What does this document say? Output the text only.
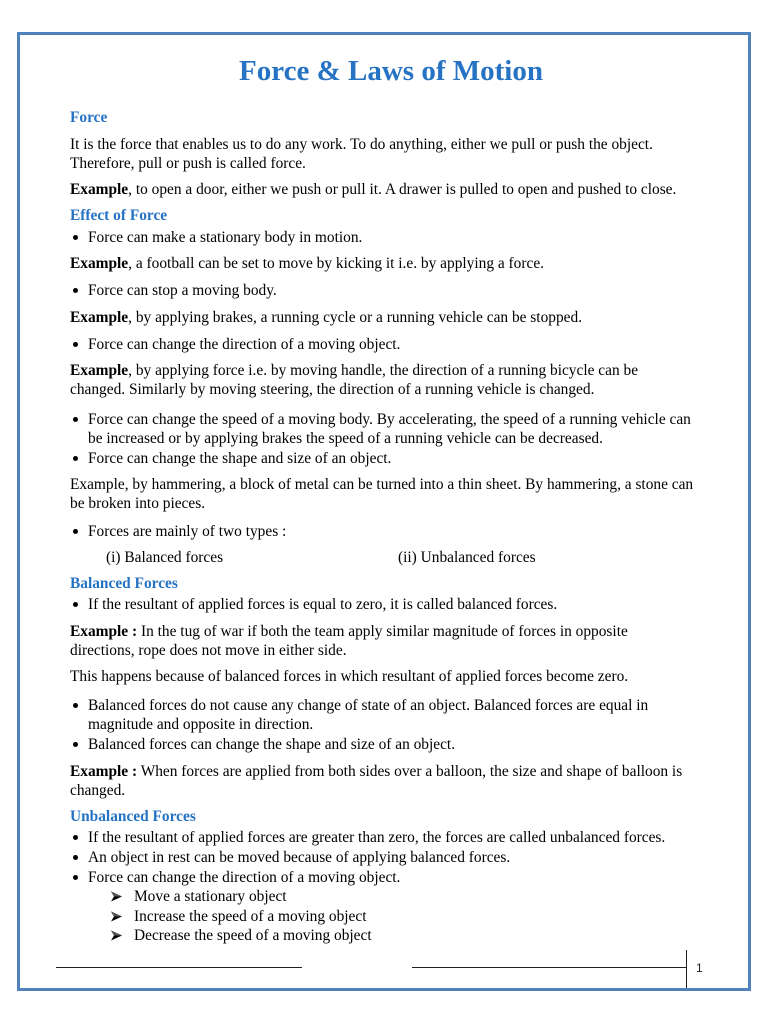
Force & Laws of Motion
Force
It is the force that enables us to do any work. To do anything, either we pull or push the object.
Therefore, pull or push is called force.
Example, to open a door, either we push or pull it. A drawer is pulled to open and pushed to close.
Effect of Force
Force can make a stationary body in motion.
Example, a football can be set to move by kicking it i.e. by applying a force.
Force can stop a moving body.
Example, by applying brakes, a running cycle or a running vehicle can be stopped.
Force can change the direction of a moving object.
Example, by applying force i.e. by moving handle, the direction of a running bicycle can be
changed. Similarly by moving steering, the direction of a running vehicle is changed.
Force can change the speed of a moving body. By accelerating, the speed of a running vehicle can
be increased or by applying brakes the speed of a running vehicle can be decreased.
Force can change the shape and size of an object.
Example, by hammering, a block of metal can be turned into a thin sheet. By hammering, a stone can
be broken into pieces.
Forces are mainly of two types :
(i) Balanced forces	(ii) Unbalanced forces
Balanced Forces
If the resultant of applied forces is equal to zero, it is called balanced forces.
Example : In the tug of war if both the team apply similar magnitude of forces in opposite
directions, rope does not move in either side.
This happens because of balanced forces in which resultant of applied forces become zero.
Balanced forces do not cause any change of state of an object. Balanced forces are equal in
magnitude and opposite in direction.
Balanced forces can change the shape and size of an object.
Example : When forces are applied from both sides over a balloon, the size and shape of balloon is
changed.
Unbalanced Forces
If the resultant of applied forces are greater than zero, the forces are called unbalanced forces.
An object in rest can be moved because of applying balanced forces.
Force can change the direction of a moving object.
Move a stationary object
Increase the speed of a moving object
Decrease the speed of a moving object
1
